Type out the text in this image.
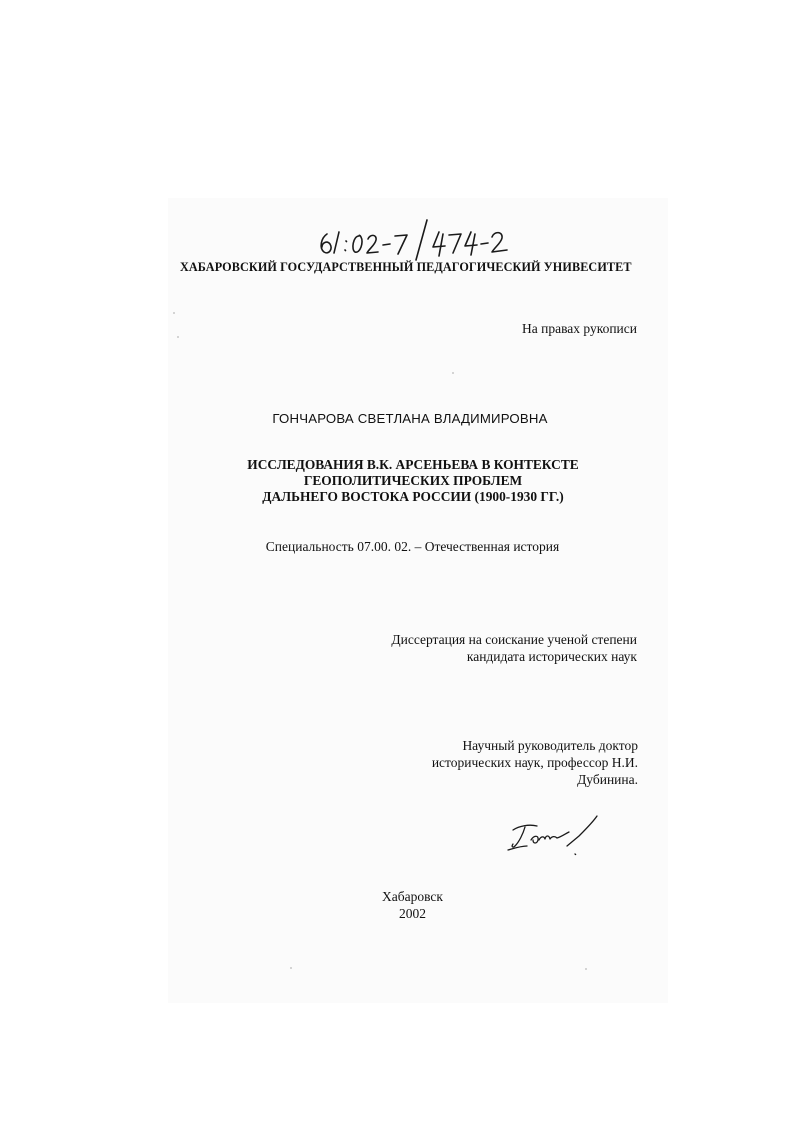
ХАБАРОВСКИЙ ГОСУДАРСТВЕННЫЙ ПЕДАГОГИЧЕСКИЙ УНИВЕСИТЕТ
На правах рукописи
ГОНЧАРОВА СВЕТЛАНА ВЛАДИМИРОВНА
ИССЛЕДОВАНИЯ В.К. АРСЕНЬЕВА В КОНТЕКСТЕ
ГЕОПОЛИТИЧЕСКИХ ПРОБЛЕМ
ДАЛЬНЕГО ВОСТОКА РОССИИ (1900-1930 ГГ.)
Специальность 07.00. 02. – Отечественная история
Диссертация на соискание ученой степени
кандидата исторических наук
Научный руководитель доктор
исторических наук, профессор Н.И.
Дубинина.
Хабаровск
2002
